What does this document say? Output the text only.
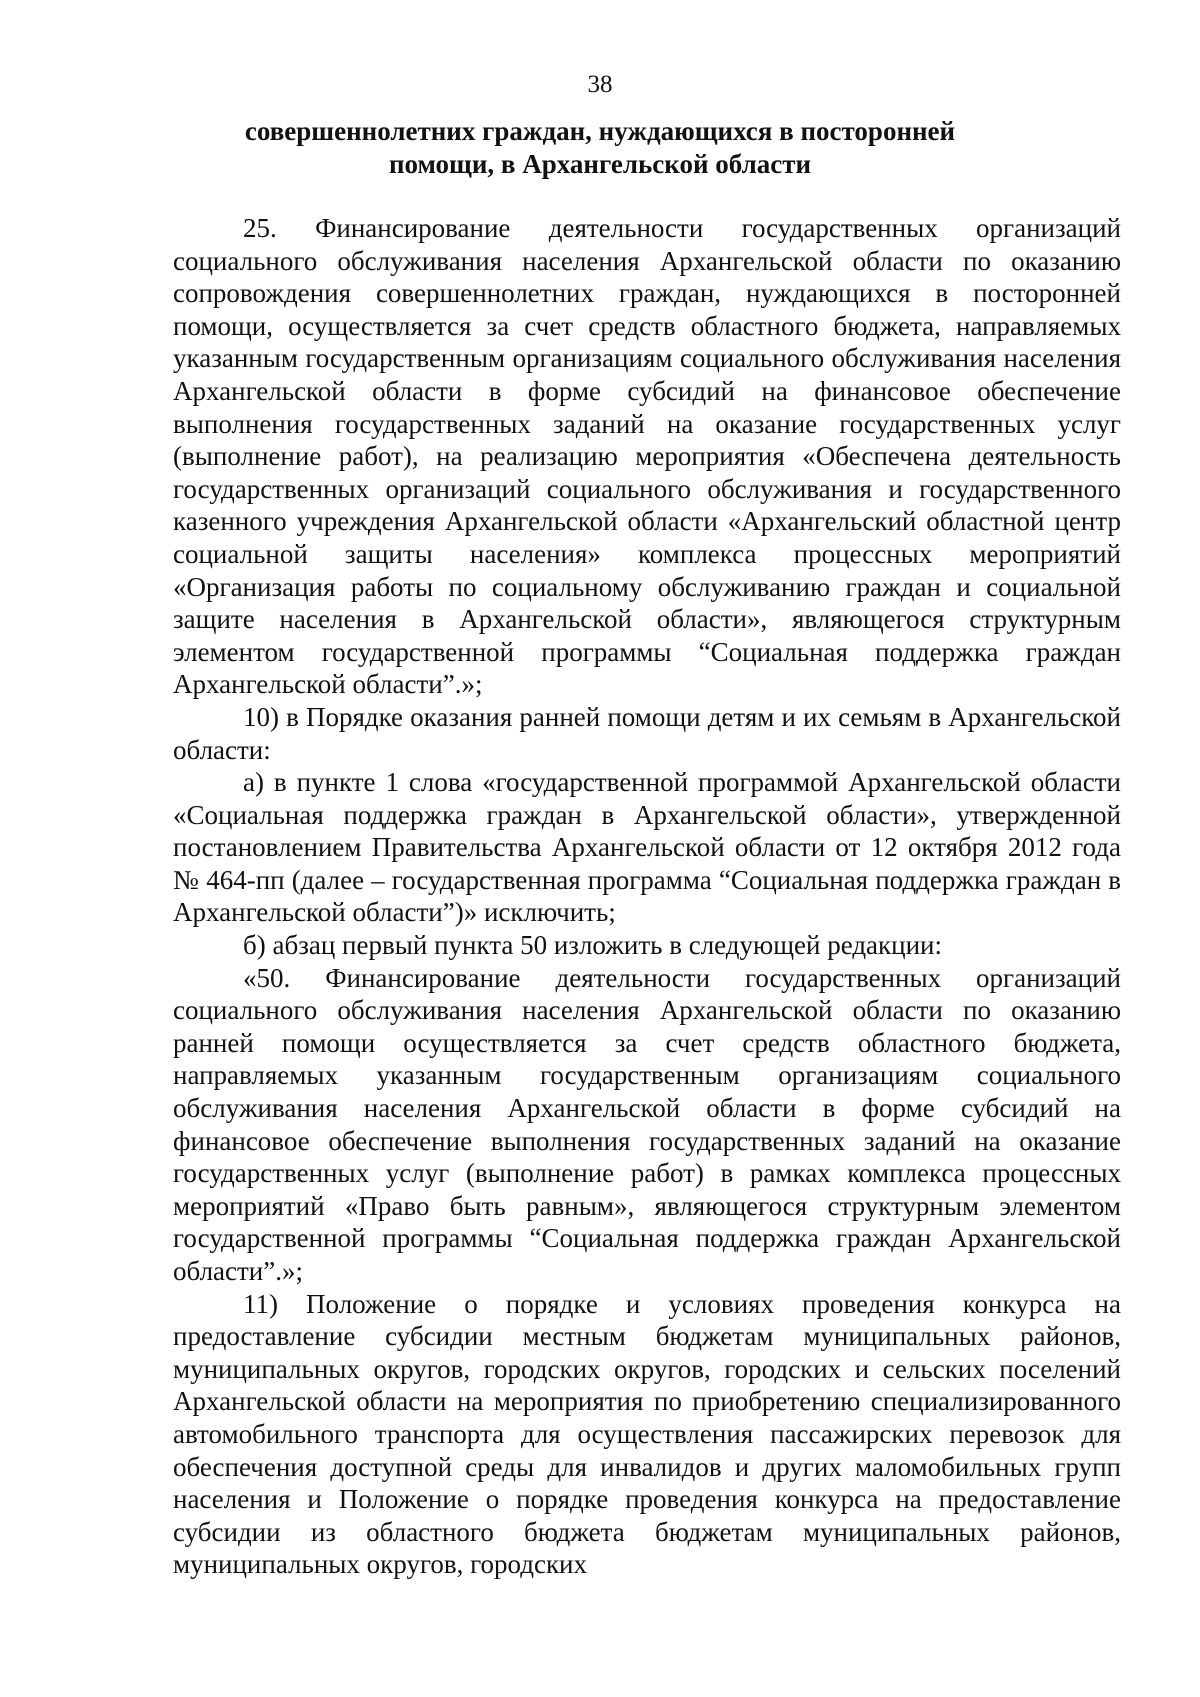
38
совершеннолетних граждан, нуждающихся в посторонней
помощи, в Архангельской области

25. Финансирование деятельности государственных организаций социального обслуживания населения Архангельской области по оказанию сопровождения совершеннолетних граждан, нуждающихся в посторонней помощи, осуществляется за счет средств областного бюджета, направляемых указанным государственным организациям социального обслуживания населения Архангельской области в форме субсидий на финансовое обеспечение выполнения государственных заданий на оказание государственных услуг (выполнение работ), на реализацию мероприятия «Обеспечена деятельность государственных организаций социального обслуживания и государственного казенного учреждения Архангельской области «Архангельский областной центр социальной защиты населения» комплекса процессных мероприятий «Организация работы по социальному обслуживанию граждан и социальной защите населения в Архангельской области», являющегося структурным элементом государственной программы “Социальная поддержка граждан Архангельской области”.»;

10) в Порядке оказания ранней помощи детям и их семьям в Архангельской области:

а) в пункте 1 слова «государственной программой Архангельской области «Социальная поддержка граждан в Архангельской области», утвержденной постановлением Правительства Архангельской области от 12 октября 2012 года № 464-пп (далее – государственная программа “Социальная поддержка граждан в Архангельской области”)» исключить;

б) абзац первый пункта 50 изложить в следующей редакции:

«50. Финансирование деятельности государственных организаций социального обслуживания населения Архангельской области по оказанию ранней помощи осуществляется за счет средств областного бюджета, направляемых указанным государственным организациям социального обслуживания населения Архангельской области в форме субсидий на финансовое обеспечение выполнения государственных заданий на оказание государственных услуг (выполнение работ) в рамках комплекса процессных мероприятий «Право быть равным», являющегося структурным элементом государственной программы “Социальная поддержка граждан Архангельской области”.»;

11) Положение о порядке и условиях проведения конкурса на предоставление субсидии местным бюджетам муниципальных районов, муниципальных округов, городских округов, городских и сельских поселений Архангельской области на мероприятия по приобретению специализированного автомобильного транспорта для осуществления пассажирских перевозок для обеспечения доступной среды для инвалидов и других маломобильных групп населения и Положение о порядке проведения конкурса на предоставление субсидии из областного бюджета бюджетам муниципальных районов, муниципальных округов, городских
